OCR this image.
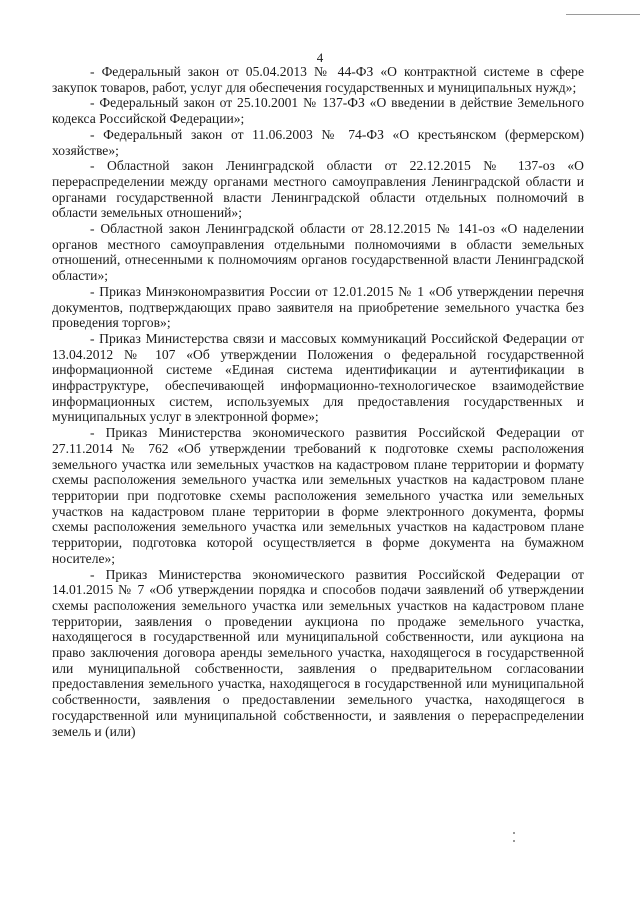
4

- Федеральный закон от 05.04.2013 № 44-ФЗ «О контрактной системе в сфере закупок товаров, работ, услуг для обеспечения государственных и муниципальных нужд»;

- Федеральный закон от 25.10.2001 № 137-ФЗ «О введении в действие Земельного кодекса Российской Федерации»;

- Федеральный закон от 11.06.2003 № 74-ФЗ «О крестьянском (фермерском) хозяйстве»;

- Областной закон Ленинградской области от 22.12.2015 № 137-оз «О перераспределении между органами местного самоуправления Ленинградской области и органами государственной власти Ленинградской области отдельных полномочий в области земельных отношений»;

- Областной закон Ленинградской области от 28.12.2015 № 141-оз «О наделении органов местного самоуправления отдельными полномочиями в области земельных отношений, отнесенными к полномочиям органов государственной власти Ленинградской области»;

- Приказ Минэкономразвития России от 12.01.2015 № 1 «Об утверждении перечня документов, подтверждающих право заявителя на приобретение земельного участка без проведения торгов»;

- Приказ Министерства связи и массовых коммуникаций Российской Федерации от 13.04.2012 № 107 «Об утверждении Положения о федеральной государственной информационной системе «Единая система идентификации и аутентификации в инфраструктуре, обеспечивающей информационно-технологическое взаимодействие информационных систем, используемых для предоставления государственных и муниципальных услуг в электронной форме»;

- Приказ Министерства экономического развития Российской Федерации от 27.11.2014 № 762 «Об утверждении требований к подготовке схемы расположения земельного участка или земельных участков на кадастровом плане территории и формату схемы расположения земельного участка или земельных участков на кадастровом плане территории при подготовке схемы расположения земельного участка или земельных участков на кадастровом плане территории в форме электронного документа, формы схемы расположения земельного участка или земельных участков на кадастровом плане территории, подготовка которой осуществляется в форме документа на бумажном носителе»;

- Приказ Министерства экономического развития Российской Федерации от 14.01.2015 № 7 «Об утверждении порядка и способов подачи заявлений об утверждении схемы расположения земельного участка или земельных участков на кадастровом плане территории, заявления о проведении аукциона по продаже земельного участка, находящегося в государственной или муниципальной собственности, или аукциона на право заключения договора аренды земельного участка, находящегося в государственной или муниципальной собственности, заявления о предварительном согласовании предоставления земельного участка, находящегося в государственной или муниципальной собственности, заявления о предоставлении земельного участка, находящегося в государственной или муниципальной собственности, и заявления о перераспределении земель и (или)
